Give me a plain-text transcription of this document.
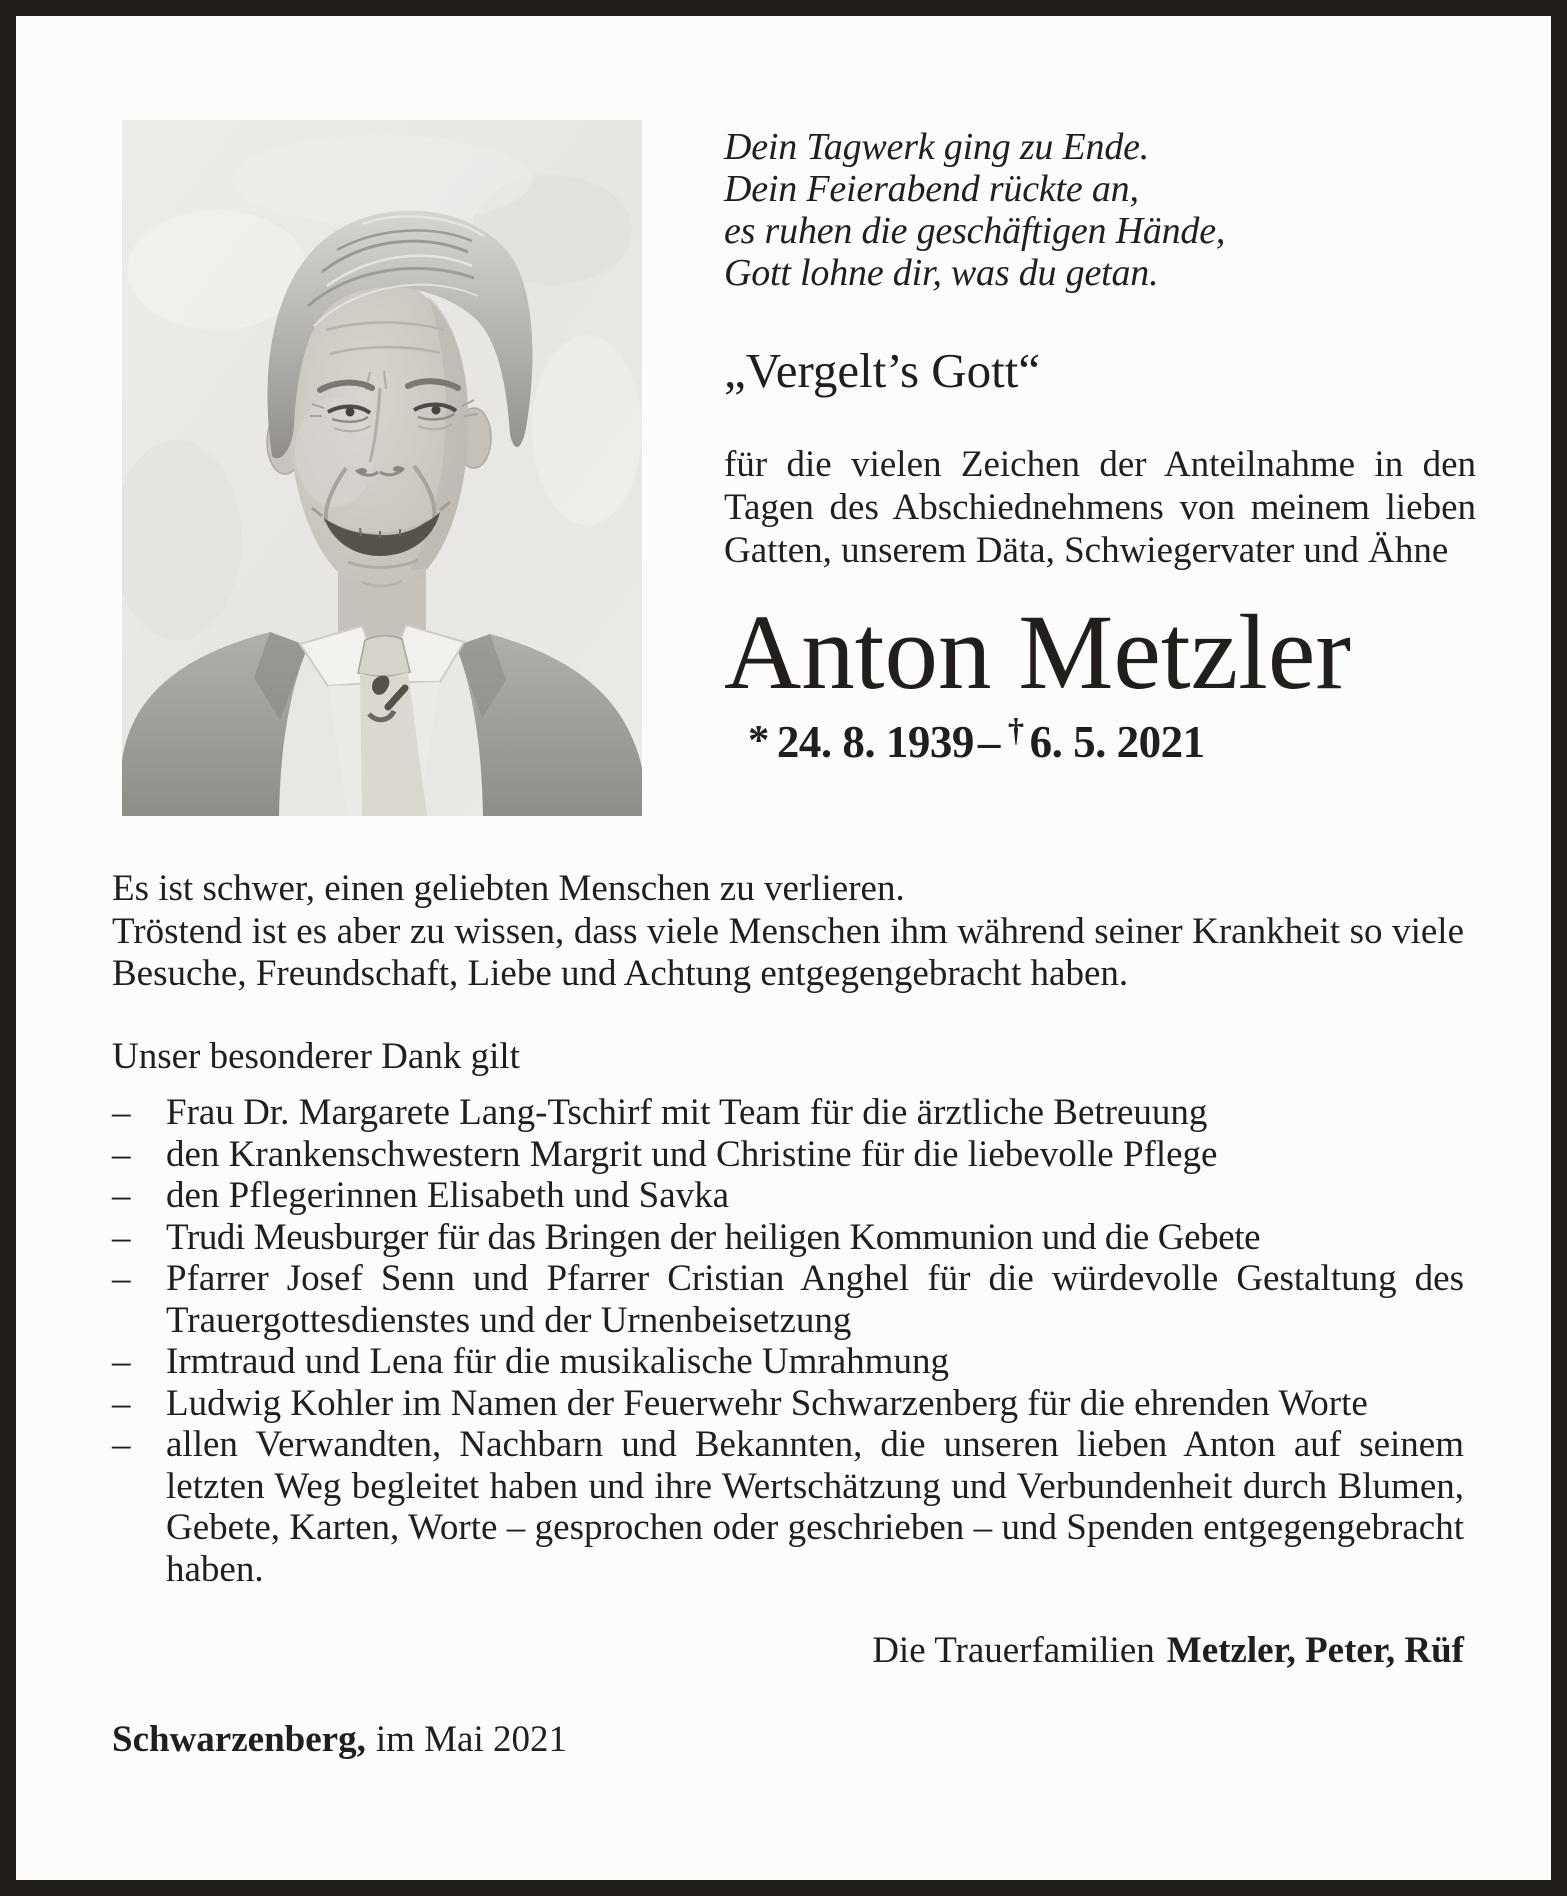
Dein Tagwerk ging zu Ende.
Dein Feierabend rückte an,
es ruhen die geschäftigen Hände,
Gott lohne dir, was du getan.
„Vergelt’s Gott“

für die vielen Zeichen der Anteilnahme in den Tagen des Abschiednehmens von meinem lieben Gatten, unserem Däta, Schwiegervater und Ähne

Anton Metzler
* 24. 8. 1939– † 6. 5. 2021

Es ist schwer, einen geliebten Menschen zu verlieren.

Tröstend ist es aber zu wissen, dass viele Menschen ihm während seiner Krankheit so viele Besuche, Freundschaft, Liebe und Achtung entgegengebracht haben.

Unser besonderer Dank gilt

– Frau Dr. Margarete Lang-Tschirf mit Team für die ärztliche Betreuung
– den Krankenschwestern Margrit und Christine für die liebevolle Pflege
– den Pflegerinnen Elisabeth und Savka
– Trudi Meusburger für das Bringen der heiligen Kommunion und die Gebete
– Pfarrer Josef Senn und Pfarrer Cristian Anghel für die würdevolle Gestaltung des Trauergottesdienstes und der Urnenbeisetzung
– Irmtraud und Lena für die musikalische Umrahmung
– Ludwig Kohler im Namen der Feuerwehr Schwarzenberg für die ehrenden Worte
– allen Verwandten, Nachbarn und Bekannten, die unseren lieben Anton auf seinem letzten Weg begleitet haben und ihre Wertschätzung und Verbundenheit durch Blumen, Gebete, Karten, Worte – gesprochen oder geschrieben – und Spenden entgegengebracht haben.

Die Trauerfamilien Metzler, Peter, Rüf

Schwarzenberg, im Mai 2021
